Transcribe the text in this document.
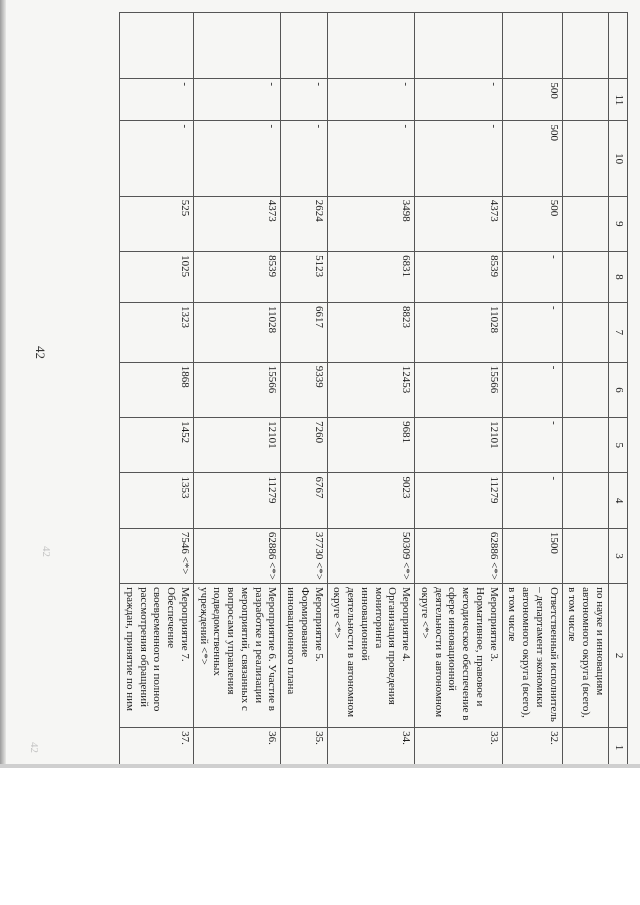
	11	10	9	8	7	6	5	4	3	2	1
										по науке и инновациям автономного округа (всего), в том числе	
	500	500	500	-	-	-	-	-	1500	Ответственный исполнитель – департамент экономики автономного округа (всего), в том числе	32.
	-	-	4373	8539	11028	15566	12101	11279	62886 <*>	Мероприятие 3. Нормативное, правовое и методическое обеспечение в сфере инновационной деятельности в автономном округе <*>	33.
	-	-	3498	6831	8823	12453	9681	9023	50309 <*>	Мероприятие 4. Организация проведения мониторинга инновационной деятельности в автономном округе <*>	34.
	-	-	2624	5123	6617	9339	7260	6767	37730 <*>	Мероприятие 5. Формирование инновационного плана	35.
	-	-	4373	8539	11028	15566	12101	11279	62886 <*>	Мероприятие 6. Участие в разработке и реализации мероприятий, связанных с вопросами управления подведомственных учреждений <*>	36.
	-	-	525	1025	1323	1868	1452	1353	7546 <*>	Мероприятие 7. Обеспечение своевременного и полного рассмотрения обращений граждан, принятие по ним	37.
42
42
42
